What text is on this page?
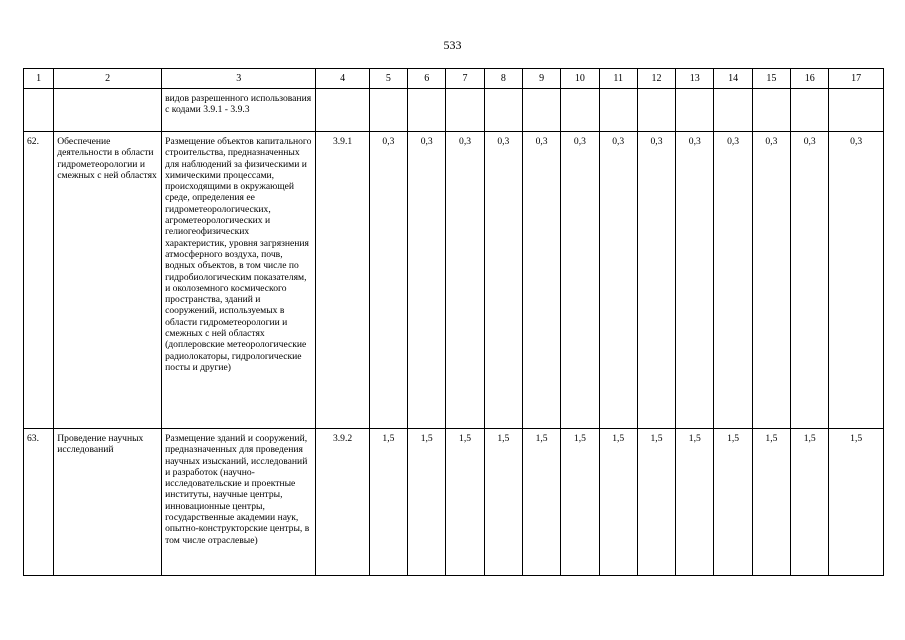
533
1	2	3	4	5	6	7	8	9	10	11	12	13	14	15	16	17
		видов разрешенного использования с кодами 3.9.1 - 3.9.3														
62.	Обеспечение деятельности в области гидрометеорологии и смежных с ней областях	Размещение объектов капитального строительства, предназначенных для наблюдений за физическими и химическими процессами, происходящими в окружающей среде, определения ее гидрометеорологических, агрометеорологических и гелиогеофизических характеристик, уровня загрязнения атмосферного воздуха, почв, водных объектов, в том числе по гидробиологическим показателям, и околоземного космического пространства, зданий и сооружений, используемых в области гидрометеорологии и смежных с ней областях (доплеровские метеорологические радиолокаторы, гидрологические посты и другие)	3.9.1	0,3	0,3	0,3	0,3	0,3	0,3	0,3	0,3	0,3	0,3	0,3	0,3	0,3
63.	Проведение научных исследований	Размещение зданий и сооружений, предназначенных для проведения научных изысканий, исследований и разработок (научно-исследовательские и проектные институты, научные центры, инновационные центры, государственные академии наук, опытно-конструкторские центры, в том числе отраслевые)	3.9.2	1,5	1,5	1,5	1,5	1,5	1,5	1,5	1,5	1,5	1,5	1,5	1,5	1,5
